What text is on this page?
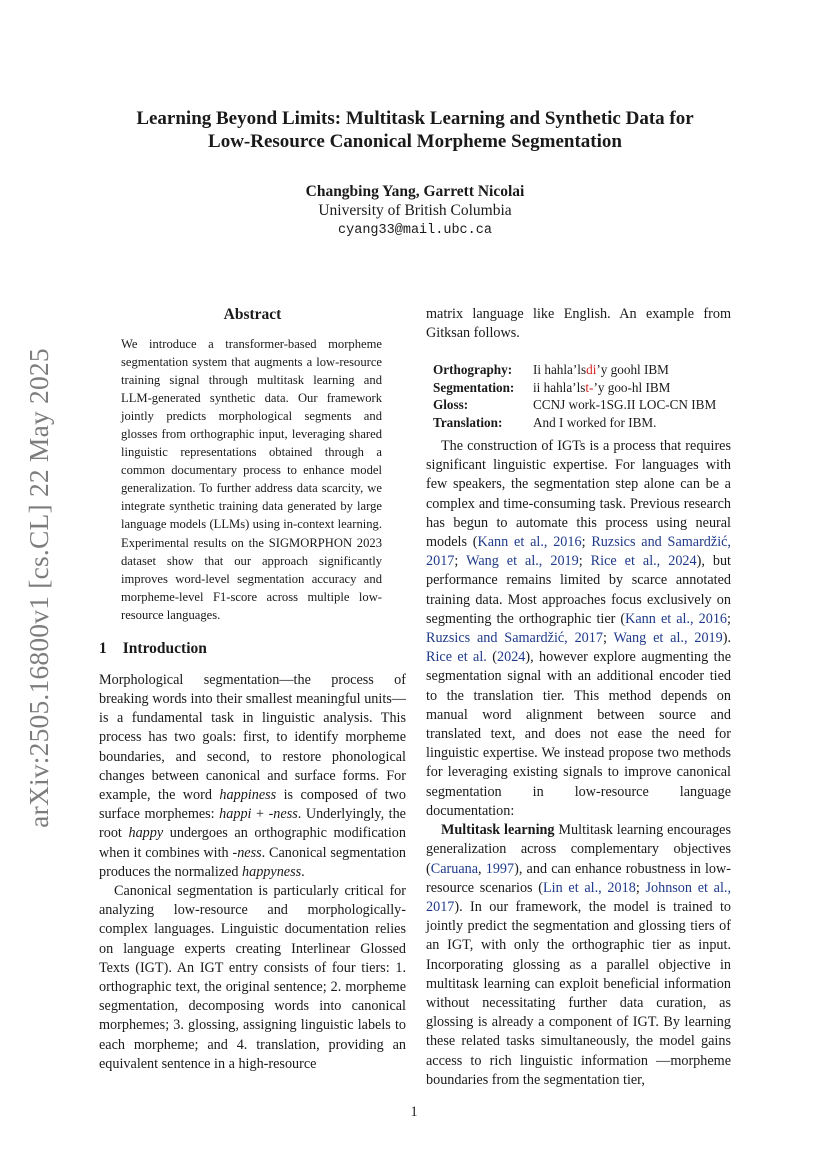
arXiv:2505.16800v1 [cs.CL] 22 May 2025
Learning Beyond Limits: Multitask Learning and Synthetic Data for
Low-Resource Canonical Morpheme Segmentation
Changbing Yang, Garrett Nicolai
University of British Columbia
cyang33@mail.ubc.ca
Abstract
We introduce a transformer-based morpheme segmentation system that augments a low-resource training signal through multitask learning and LLM-generated synthetic data. Our framework jointly predicts morphological segments and glosses from orthographic input, leveraging shared linguistic representations obtained through a common documentary process to enhance model generalization. To further address data scarcity, we integrate synthetic training data generated by large language models (LLMs) using in-context learning. Experimental results on the SIGMORPHON 2023 dataset show that our approach significantly improves word-level segmentation accuracy and morpheme-level F1-score across multiple low-resource languages.
1 Introduction

Morphological segmentation—the process of breaking words into their smallest meaningful units—is a fundamental task in linguistic analysis. This process has two goals: first, to identify morpheme boundaries, and second, to restore phonological changes between canonical and surface forms. For example, the word happiness is composed of two surface morphemes: happi + -ness. Underlyingly, the root happy undergoes an orthographic modification when it combines with -ness. Canonical segmentation produces the normalized happyness.

Canonical segmentation is particularly critical for analyzing low-resource and morphologically-complex languages. Linguistic documentation relies on language experts creating Interlinear Glossed Texts (IGT). An IGT entry consists of four tiers: 1. orthographic text, the original sentence; 2. morpheme segmentation, decomposing words into canonical morphemes; 3. glossing, assigning linguistic labels to each morpheme; and 4. translation, providing an equivalent sentence in a high-resource

matrix language like English. An example from Gitksan follows.

Orthography:	Ii hahla’lsdi’y goohl IBM
Segmentation:	ii hahla’lst-’y goo-hl IBM
Gloss:	CCNJ work-1SG.II LOC-CN IBM
Translation:	And I worked for IBM.

The construction of IGTs is a process that requires significant linguistic expertise. For languages with few speakers, the segmentation step alone can be a complex and time-consuming task. Previous research has begun to automate this process using neural models (Kann et al., 2016; Ruzsics and Samardžić, 2017; Wang et al., 2019; Rice et al., 2024), but performance remains limited by scarce annotated training data. Most approaches focus exclusively on segmenting the orthographic tier (Kann et al., 2016; Ruzsics and Samardžić, 2017; Wang et al., 2019). Rice et al. (2024), however explore augmenting the segmentation signal with an additional encoder tied to the translation tier. This method depends on manual word alignment between source and translated text, and does not ease the need for linguistic expertise. We instead propose two methods for leveraging existing signals to improve canonical segmentation in low-resource language documentation:

Multitask learning Multitask learning encourages generalization across complementary objectives (Caruana, 1997), and can enhance robustness in low-resource scenarios (Lin et al., 2018; Johnson et al., 2017). In our framework, the model is trained to jointly predict the segmentation and glossing tiers of an IGT, with only the orthographic tier as input. Incorporating glossing as a parallel objective in multitask learning can exploit beneficial information without necessitating further data curation, as glossing is already a component of IGT. By learning these related tasks simultaneously, the model gains access to rich linguistic information —morpheme boundaries from the segmentation tier,

1
